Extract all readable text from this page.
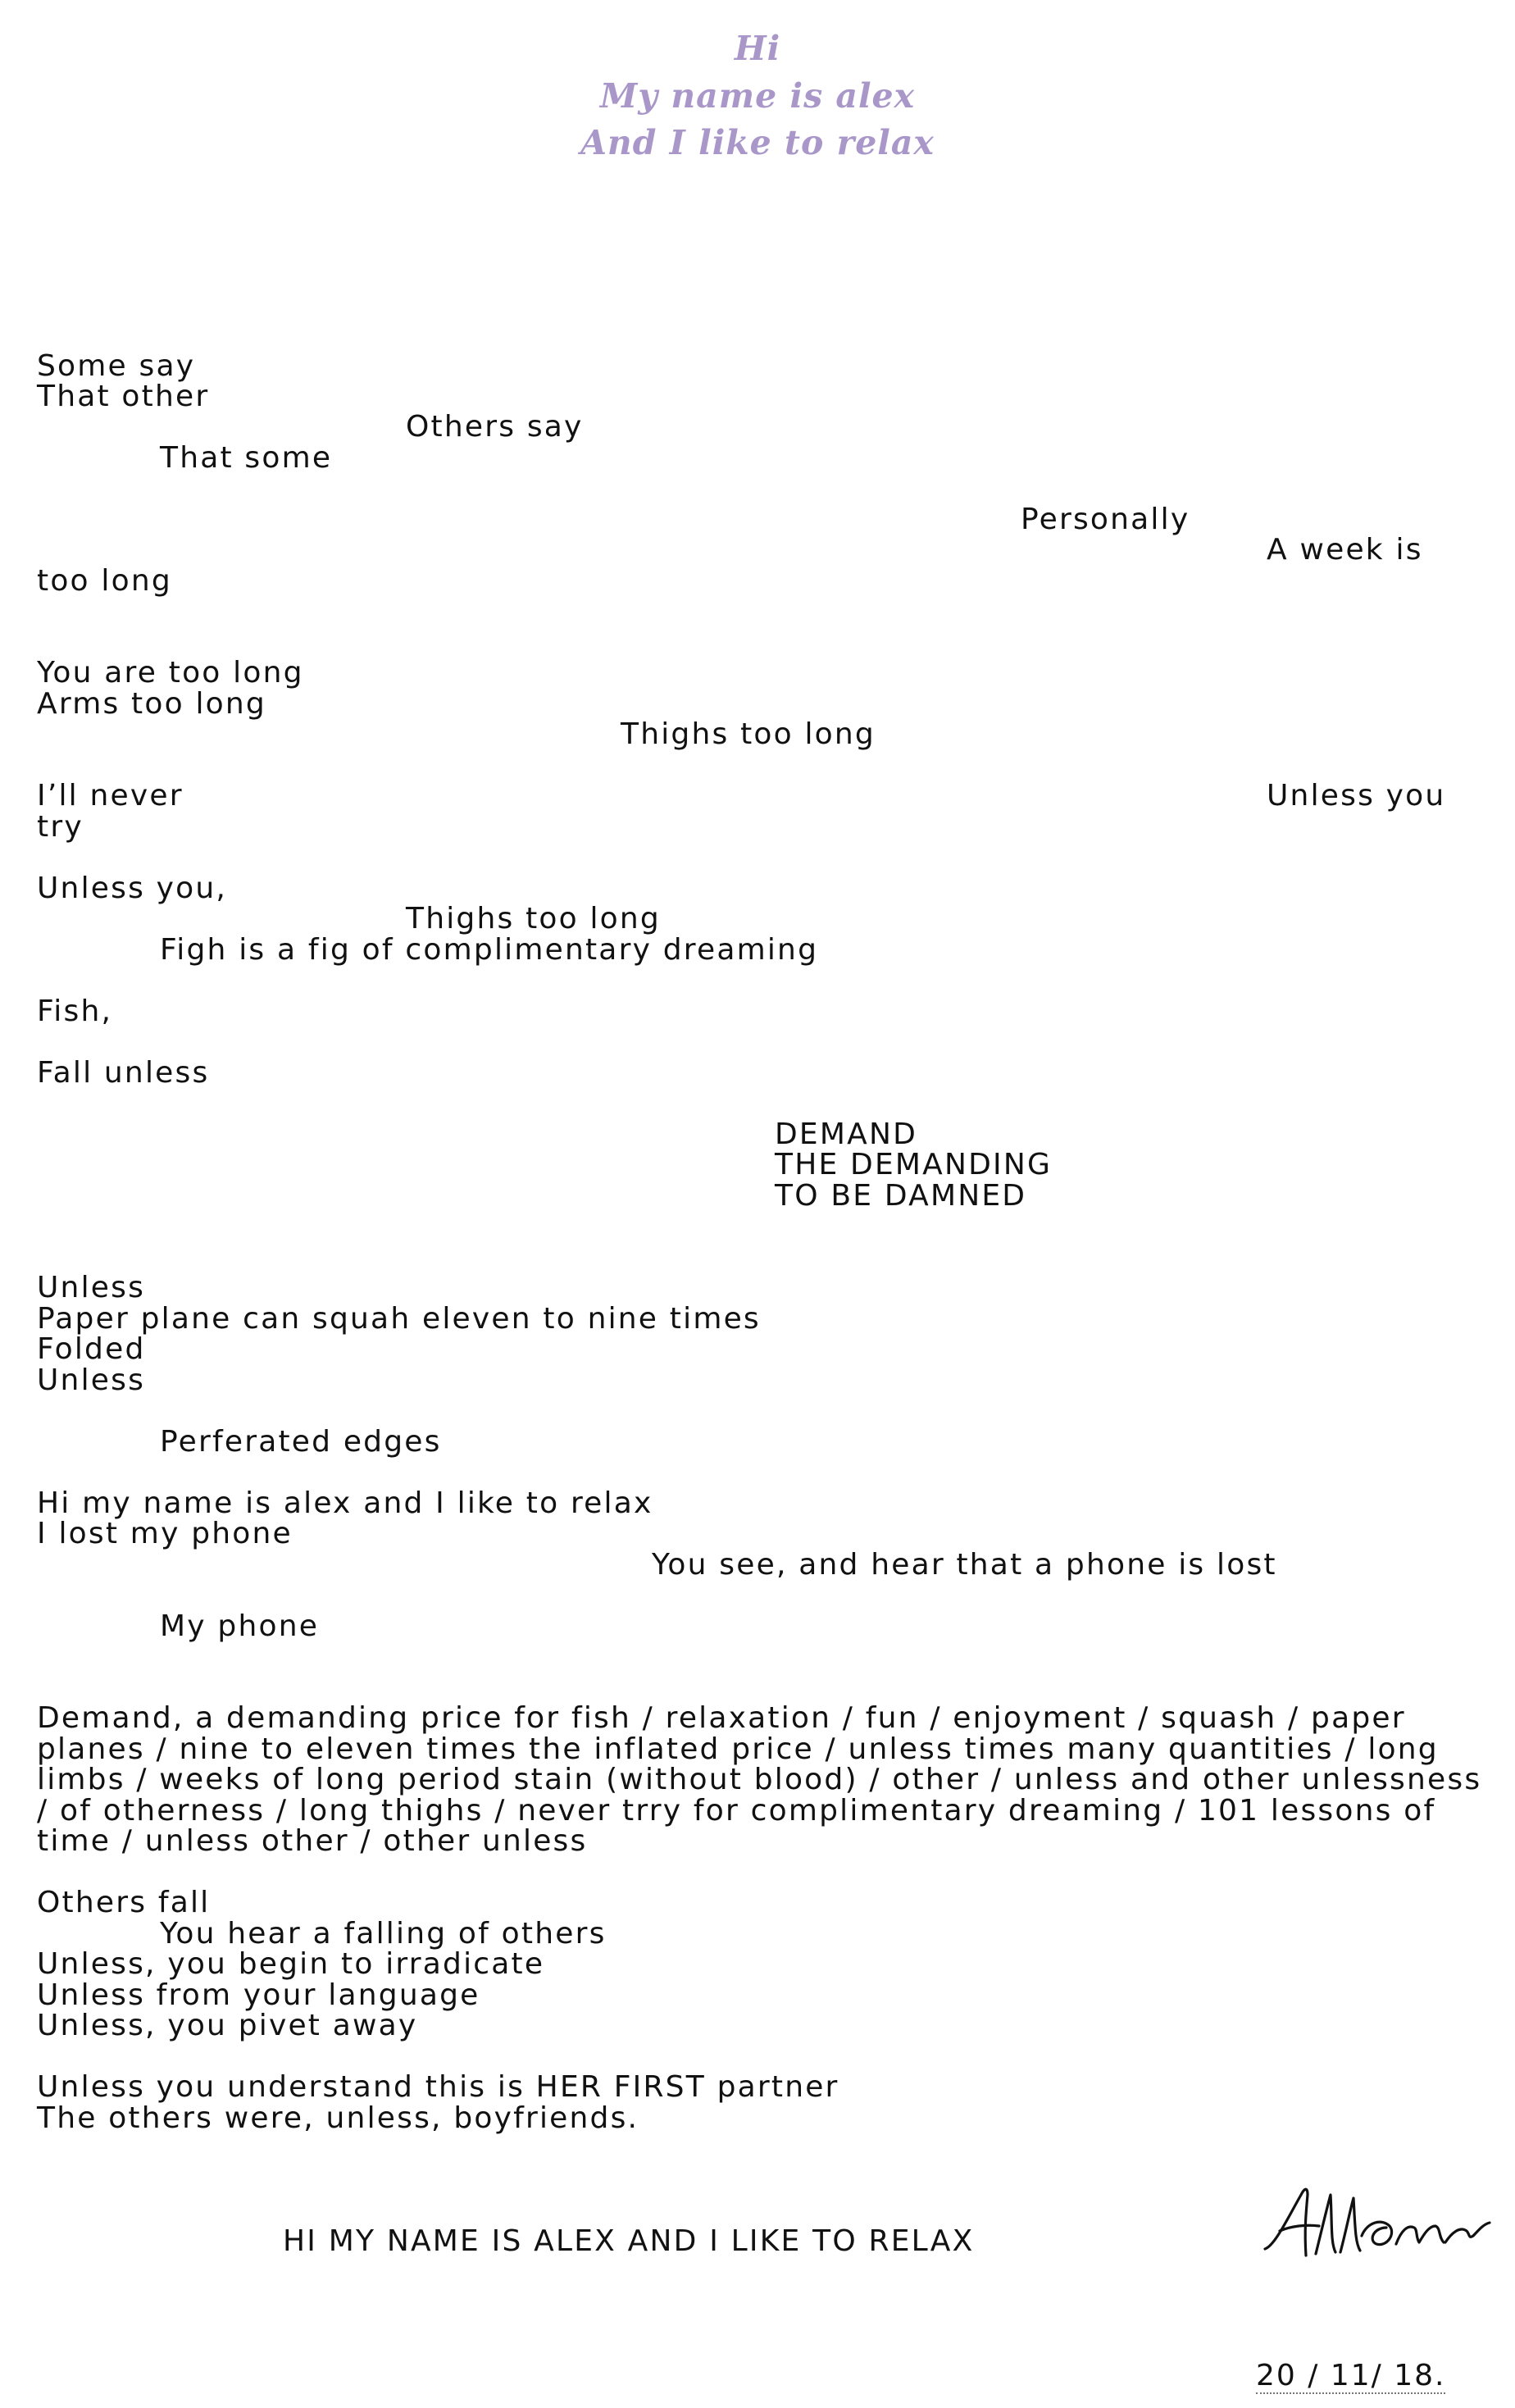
Hi
My name is alex
And I like to relax
Some say
That other
Others say
That some
Personally
A week is
too long
You are too long
Arms too long
Thighs too long
I’ll never	Unless you
try
Unless you,
Thighs too long
Figh is a fig of complimentary dreaming
Fish,
Fall unless
DEMAND
THE DEMANDING
TO BE DAMNED
Unless
Paper plane can squah eleven to nine times
Folded
Unless
Perferated edges
Hi my name is alex and I like to relax
I lost my phone
You see, and hear that a phone is lost
My phone
Demand, a demanding price for fish / relaxation / fun / enjoyment / squash / paper
planes / nine to eleven times the inflated price / unless times many quantities / long
limbs / weeks of long period stain (without blood) / other / unless and other unlessness
/ of otherness / long thighs / never trry for complimentary dreaming / 101 lessons of
time / unless other / other unless
Others fall
You hear a falling of others
Unless, you begin to irradicate
Unless from your language
Unless, you pivet away
Unless you understand this is HER FIRST partner
The others were, unless, boyfriends.
HI MY NAME IS ALEX AND I LIKE TO RELAX
20 / 11/ 18.
